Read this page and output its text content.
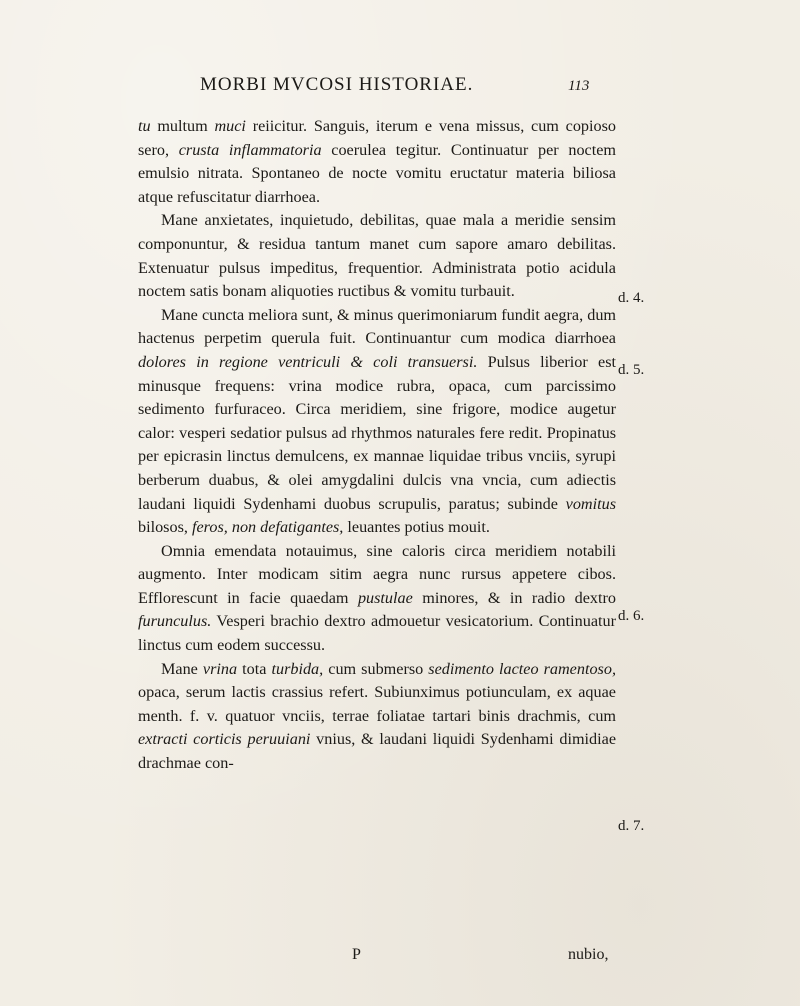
MORBI MVCOSI HISTORIAE.	113

tu multum muci reiicitur. Sanguis, iterum e vena missus, cum copioso sero, crusta inflammatoria coerulea tegitur. Continuatur per noctem emulsio nitrata. Spontaneo de nocte vomitu eructatur materia biliosa atque refuscitatur diarrhoea.

Mane anxietates, inquietudo, debilitas, quae mala a meridie sensim componuntur, & residua tantum manet cum sapore amaro debilitas. Extenuatur pulsus impeditus, frequentior. Administrata potio acidula noctem satis bonam aliquoties ructibus & vomitu turbauit.

Mane cuncta meliora sunt, & minus querimoniarum fundit aegra, dum hactenus perpetim querula fuit. Continuantur cum modica diarrhoea dolores in regione ventriculi & coli transuersi. Pulsus liberior est minusque frequens: vrina modice rubra, opaca, cum parcissimo sedimento furfuraceo. Circa meridiem, sine frigore, modice augetur calor: vesperi sedatior pulsus ad rhythmos naturales fere redit. Propinatus per epicrasin linctus demulcens, ex mannae liquidae tribus vnciis, syrupi berberum duabus, & olei amygdalini dulcis vna vncia, cum adiectis laudani liquidi Sydenhami duobus scrupulis, paratus; subinde vomitus bilosos, feros, non defatigantes, leuantes potius mouit.

Omnia emendata notauimus, sine caloris circa meridiem notabili augmento. Inter modicam sitim aegra nunc rursus appetere cibos. Efflorescunt in facie quaedam pustulae minores, & in radio dextro furunculus. Vesperi brachio dextro admouetur vesicatorium. Continuatur linctus cum eodem successu.

Mane vrina tota turbida, cum submerso sedimento lacteo ramentoso, opaca, serum lactis crassius refert. Subiunximus potiunculam, ex aquae menth. f. v. quatuor vnciis, terrae foliatae tartari binis drachmis, cum extracti corticis peruuiani vnius, & laudani liquidi Sydenhami dimidiae drachmae con-

d. 4.
d. 5.
d. 6.
d. 7.
P	nubio,
